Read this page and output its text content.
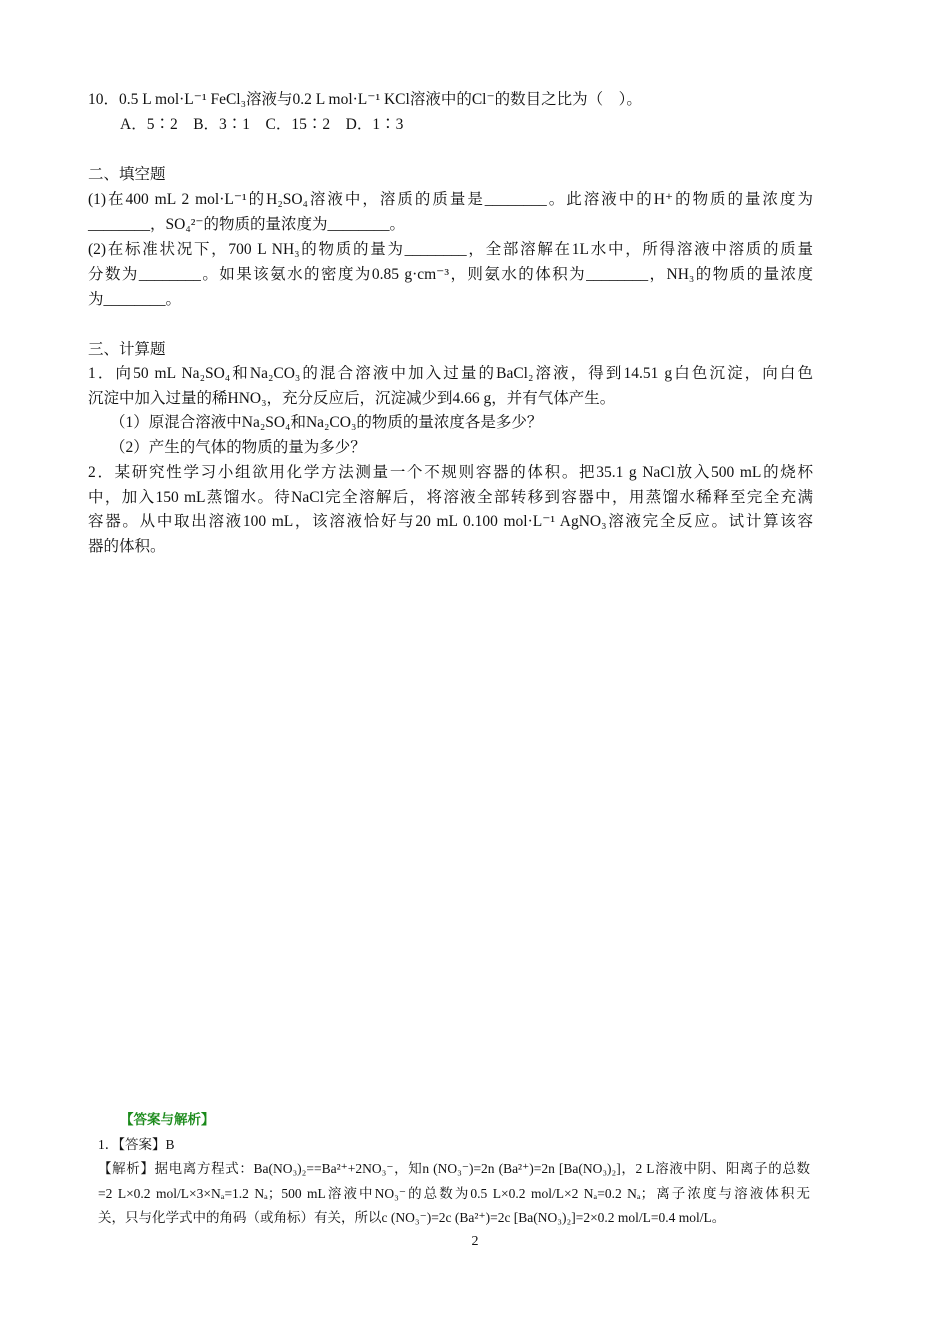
10．0.5 L mol·L⁻¹ FeCl₃溶液与0.2 L mol·L⁻¹ KCl溶液中的Cl⁻的数目之比为（　）。
A．5∶2　B．3∶1　C．15∶2　D．1∶3
二、填空题
(1)在400 mL 2 mol·L⁻¹的H₂SO₄溶液中，溶质的质量是________。此溶液中的H⁺的物质的量浓度为
________，SO₄²⁻的物质的量浓度为________。
(2)在标准状况下，700 L NH₃的物质的量为________，全部溶解在1L水中，所得溶液中溶质的质量
分数为________。如果该氨水的密度为0.85 g·cm⁻³，则氨水的体积为________，NH₃的物质的量浓度
为________。
三、计算题
1．向50 mL Na₂SO₄和Na₂CO₃的混合溶液中加入过量的BaCl₂溶液，得到14.51 g白色沉淀，向白色
沉淀中加入过量的稀HNO₃，充分反应后，沉淀减少到4.66 g，并有气体产生。
（1）原混合溶液中Na₂SO₄和Na₂CO₃的物质的量浓度各是多少？
（2）产生的气体的物质的量为多少？
2．某研究性学习小组欲用化学方法测量一个不规则容器的体积。把35.1 g NaCl放入500 mL的烧杯
中，加入150 mL蒸馏水。待NaCl完全溶解后，将溶液全部转移到容器中，用蒸馏水稀释至完全充满
容器。从中取出溶液100 mL，该溶液恰好与20 mL 0.100 mol·L⁻¹ AgNO₃溶液完全反应。试计算该容
器的体积。
【答案与解析】
1．【答案】B
【解析】据电离方程式：Ba(NO₃)₂==Ba²⁺+2NO₃⁻，知n (NO₃⁻)=2n (Ba²⁺)=2n [Ba(NO₃)₂]，2 L溶液中阴、阳离子的总数
=2 L×0.2 mol/L×3×Nₐ=1.2 Nₐ；500 mL溶液中NO₃⁻的总数为0.5 L×0.2 mol/L×2 Nₐ=0.2 Nₐ；离子浓度与溶液体积无
关，只与化学式中的角码（或角标）有关，所以c (NO₃⁻)=2c (Ba²⁺)=2c [Ba(NO₃)₂]=2×0.2 mol/L=0.4 mol/L。
2
